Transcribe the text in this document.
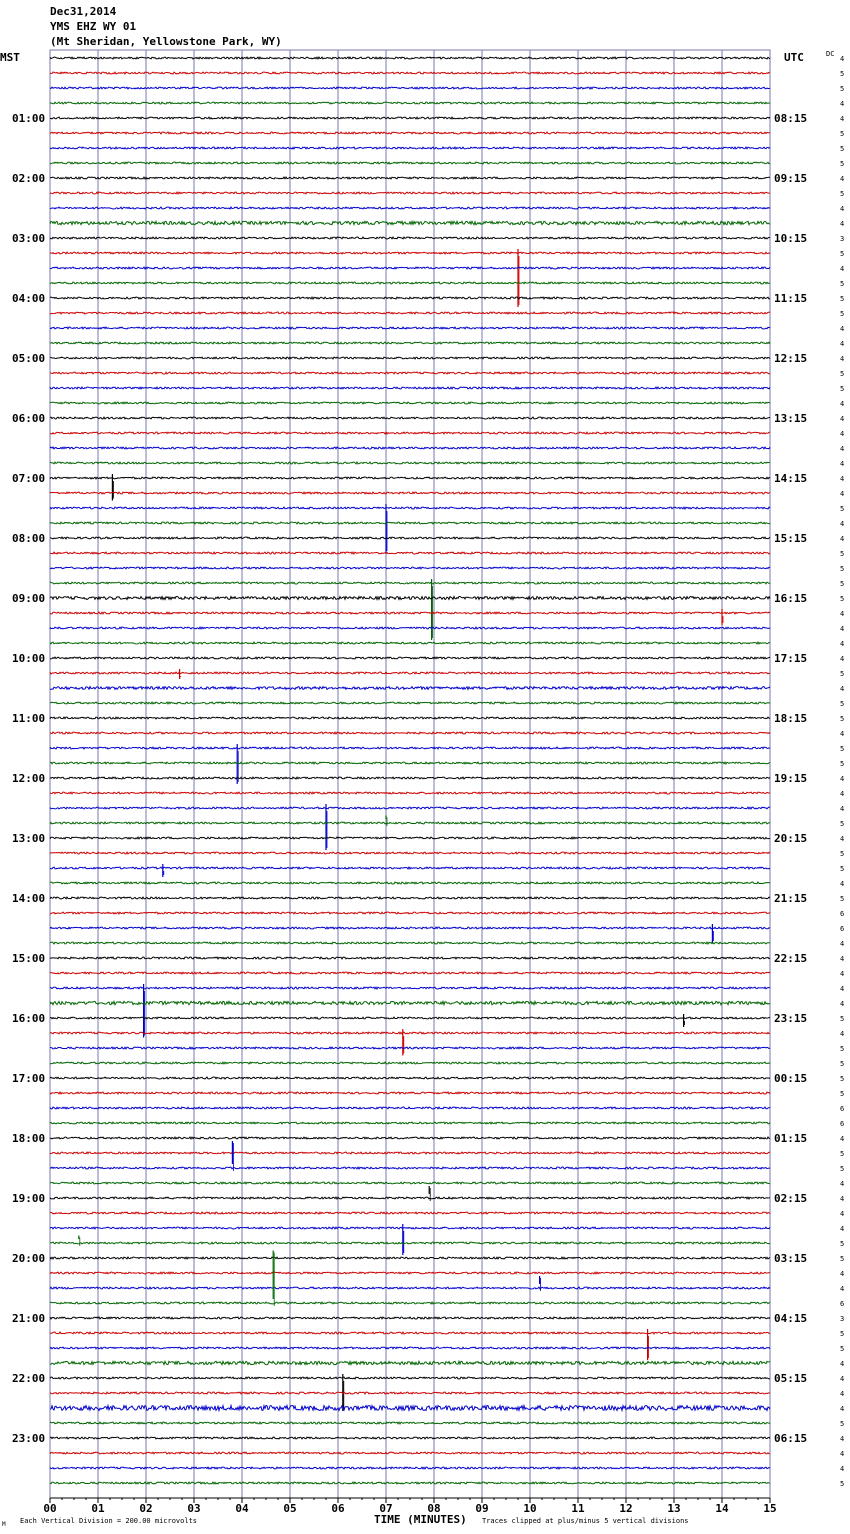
Dec31,2014
YMS EHZ WY 01
(Mt Sheridan, Yellowstone Park, WY)
00	01	02	03	04	05	06	07	08	09	10	11	12	13	14	15
01:00
02:00
03:00
04:00
05:00
06:00
07:00
08:00
09:00
10:00
11:00
12:00
13:00
14:00
15:00
16:00
17:00
18:00
19:00
20:00
21:00
22:00
23:00
08:15
09:15
10:15
11:15
12:15
13:15
14:15
15:15
16:15
17:15
18:15
19:15
20:15
21:15
22:15
23:15
00:15
01:15
02:15
03:15
04:15
05:15
06:15
4
5
5
4
4
5
5
5
4
5
4
4
3
5
4
5
5
5
4
4
4
5
5
4
4
4
4
4
4
4
5
4
4
5
5
5
5
4
4
4
4
5
4
5
5
4
5
5
4
4
4
5
4
5
5
4
5
6
6
4
4
4
4
4
5
4
5
5
5
5
6
6
4
5
5
4
4
4
4
5
5
4
4
6
3
5
5
4
4
4
4
5
4
4
4
5
MST	UTC	DC
TIME (MINUTES)
M Each Vertical Division = 200.00 microvolts	Traces clipped at plus/minus 5 vertical divisions
